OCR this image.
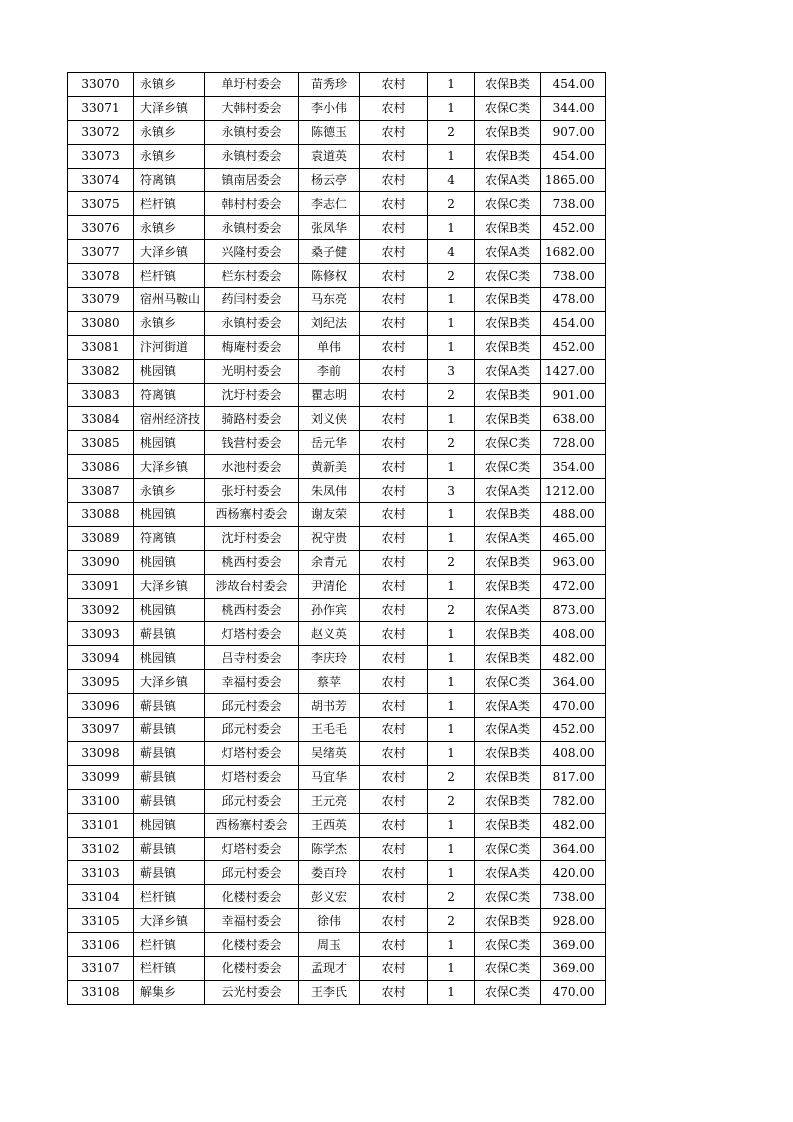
33070	永镇乡	单圩村委会	苗秀珍	农村	1	农保B类	454.00
33071	大泽乡镇	大韩村委会	李小伟	农村	1	农保C类	344.00
33072	永镇乡	永镇村委会	陈德玉	农村	2	农保B类	907.00
33073	永镇乡	永镇村委会	袁道英	农村	1	农保B类	454.00
33074	符离镇	镇南居委会	杨云亭	农村	4	农保A类	1865.00
33075	栏杆镇	韩村村委会	李志仁	农村	2	农保C类	738.00
33076	永镇乡	永镇村委会	张凤华	农村	1	农保B类	452.00
33077	大泽乡镇	兴隆村委会	桑子健	农村	4	农保A类	1682.00
33078	栏杆镇	栏东村委会	陈修权	农村	2	农保C类	738.00
33079	宿州马鞍山	药闫村委会	马东亮	农村	1	农保B类	478.00
33080	永镇乡	永镇村委会	刘纪法	农村	1	农保B类	454.00
33081	汴河街道	梅庵村委会	单伟	农村	1	农保B类	452.00
33082	桃园镇	光明村委会	李前	农村	3	农保A类	1427.00
33083	符离镇	沈圩村委会	瞿志明	农村	2	农保B类	901.00
33084	宿州经济技	骑路村委会	刘义侠	农村	1	农保B类	638.00
33085	桃园镇	钱营村委会	岳元华	农村	2	农保C类	728.00
33086	大泽乡镇	水池村委会	黄新美	农村	1	农保C类	354.00
33087	永镇乡	张圩村委会	朱凤伟	农村	3	农保A类	1212.00
33088	桃园镇	西杨寨村委会	谢友荣	农村	1	农保B类	488.00
33089	符离镇	沈圩村委会	祝守贵	农村	1	农保A类	465.00
33090	桃园镇	桃西村委会	余青元	农村	2	农保B类	963.00
33091	大泽乡镇	涉故台村委会	尹清伦	农村	1	农保B类	472.00
33092	桃园镇	桃西村委会	孙作宾	农村	2	农保A类	873.00
33093	蕲县镇	灯塔村委会	赵义英	农村	1	农保B类	408.00
33094	桃园镇	吕寺村委会	李庆玲	农村	1	农保B类	482.00
33095	大泽乡镇	幸福村委会	蔡苹	农村	1	农保C类	364.00
33096	蕲县镇	邱元村委会	胡书芳	农村	1	农保A类	470.00
33097	蕲县镇	邱元村委会	王毛毛	农村	1	农保A类	452.00
33098	蕲县镇	灯塔村委会	吴绪英	农村	1	农保B类	408.00
33099	蕲县镇	灯塔村委会	马宜华	农村	2	农保B类	817.00
33100	蕲县镇	邱元村委会	王元亮	农村	2	农保B类	782.00
33101	桃园镇	西杨寨村委会	王西英	农村	1	农保B类	482.00
33102	蕲县镇	灯塔村委会	陈学杰	农村	1	农保C类	364.00
33103	蕲县镇	邱元村委会	娄百玲	农村	1	农保A类	420.00
33104	栏杆镇	化楼村委会	彭义宏	农村	2	农保C类	738.00
33105	大泽乡镇	幸福村委会	徐伟	农村	2	农保B类	928.00
33106	栏杆镇	化楼村委会	周玉	农村	1	农保C类	369.00
33107	栏杆镇	化楼村委会	孟现才	农村	1	农保C类	369.00
33108	解集乡	云光村委会	王李氏	农村	1	农保C类	470.00
